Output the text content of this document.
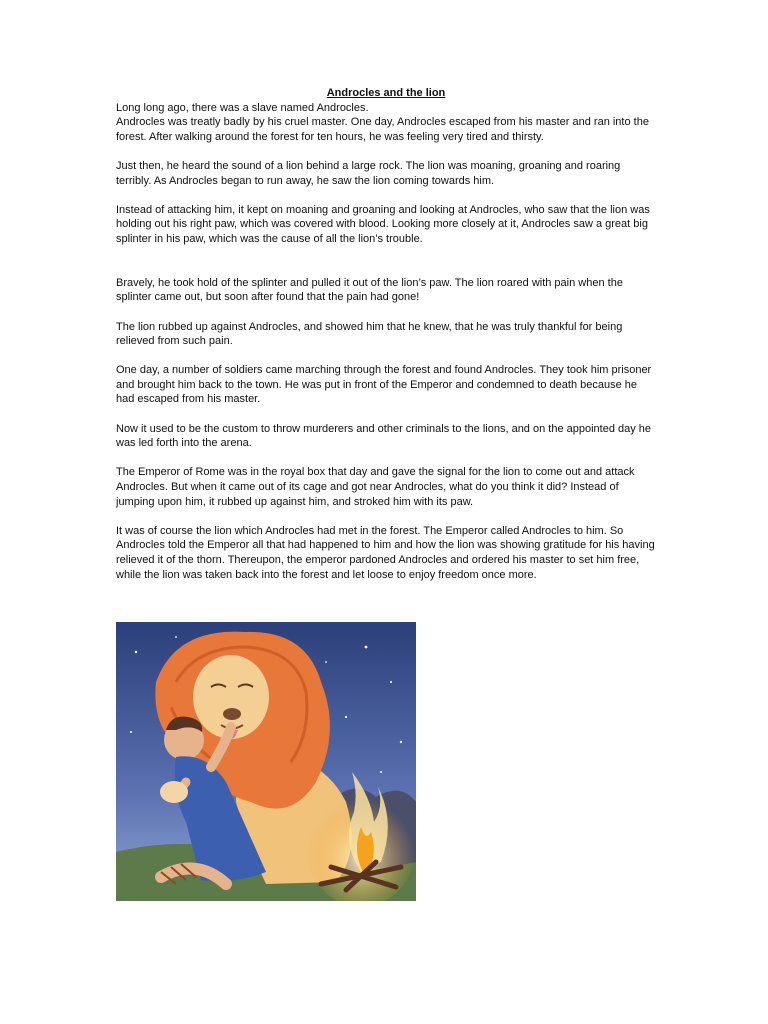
Androcles and the lion

Long long ago, there was a slave named Androcles.
Androcles was treatly badly by his cruel master. One day, Androcles escaped from his master and ran into the forest. After walking around the forest for ten hours, he was feeling very tired and thirsty.

Just then, he heard the sound of a lion behind a large rock. The lion was moaning, groaning and roaring terribly. As Androcles began to run away, he saw the lion coming towards him.

Instead of attacking him, it kept on moaning and groaning and looking at Androcles, who saw that the lion was holding out his right paw, which was covered with blood. Looking more closely at it, Androcles saw a great big splinter in his paw, which was the cause of all the lion’s trouble.

Bravely, he took hold of the splinter and pulled it out of the lion’s paw. The lion roared with pain when the splinter came out, but soon after found that the pain had gone!

The lion rubbed up against Androcles, and showed him that he knew, that he was truly thankful for being relieved from such pain.

One day, a number of soldiers came marching through the forest and found Androcles. They took him prisoner and brought him back to the town. He was put in front of the Emperor and condemned to death because he had escaped from his master.

Now it used to be the custom to throw murderers and other criminals to the lions, and on the appointed day he was led forth into the arena.

The Emperor of Rome was in the royal box that day and gave the signal for the lion to come out and attack Androcles. But when it came out of its cage and got near Androcles, what do you think it did? Instead of jumping upon him, it rubbed up against him, and stroked him with its paw.

It was of course the lion which Androcles had met in the forest. The Emperor called Androcles to him. So Androcles told the Emperor all that had happened to him and how the lion was showing gratitude for his having relieved it of the thorn. Thereupon, the emperor pardoned Androcles and ordered his master to set him free, while the lion was taken back into the forest and let loose to enjoy freedom once more.
